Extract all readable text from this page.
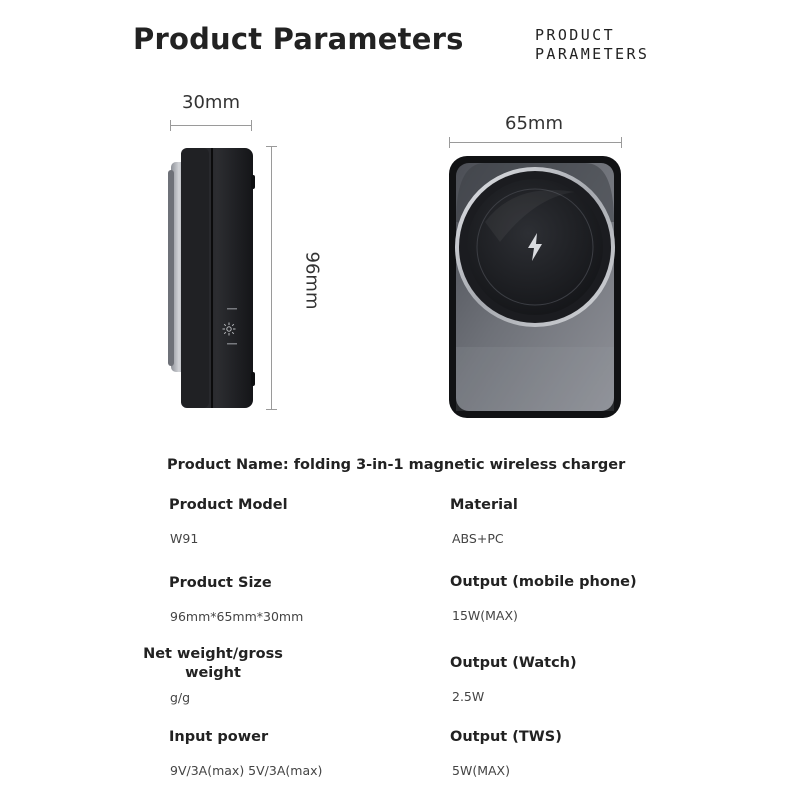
Product Parameters	PRODUCT
PARAMETERS
30mm
96mm
65mm
Product Name: folding 3-in-1 magnetic wireless charger
Product Model
W91
Product Size
96mm*65mm*30mm
Net weight/gross
weight
g/g
Input power
9V/3A(max) 5V/3A(max)
Material
ABS+PC
Output (mobile phone)
15W(MAX)
Output (Watch)
2.5W
Output (TWS)
5W(MAX)
